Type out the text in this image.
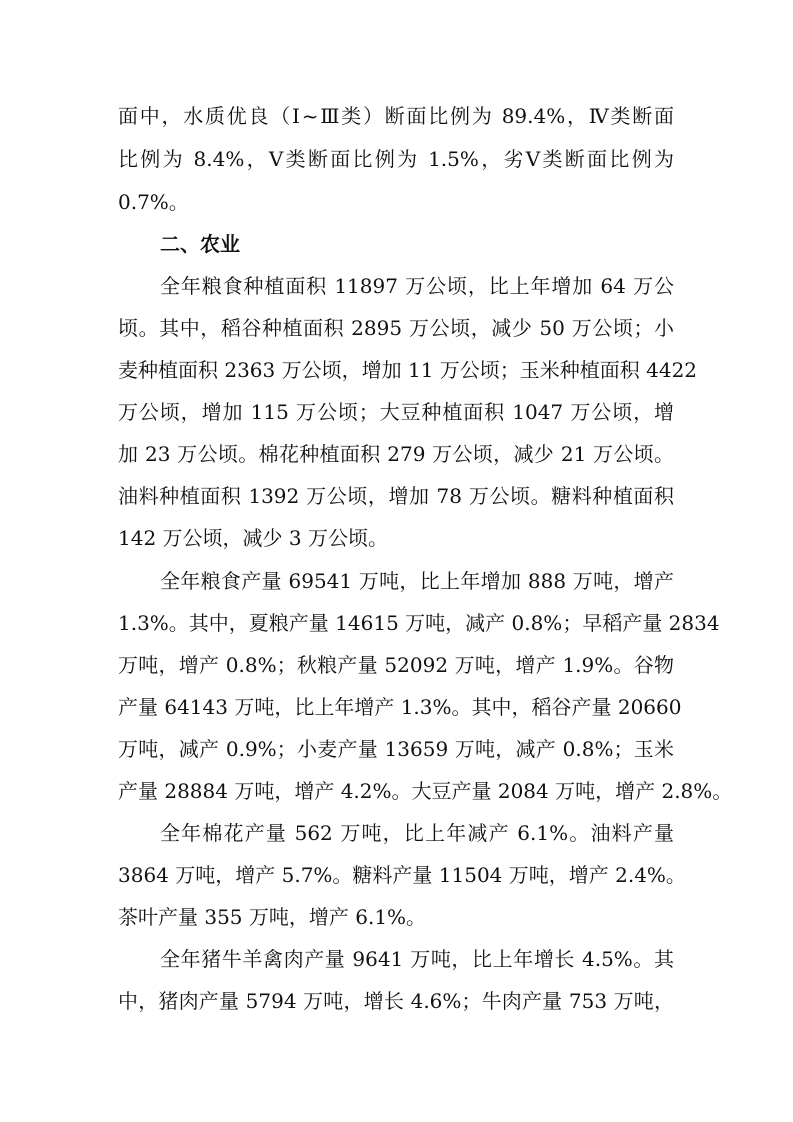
面中，水质优良（Ⅰ~Ⅲ类）断面比例为 89.4%，Ⅳ类断面
比例为 8.4%，Ⅴ类断面比例为 1.5%，劣Ⅴ类断面比例为
0.7%。
二、农业
全年粮食种植面积 11897 万公顷，比上年增加 64 万公
顷。其中，稻谷种植面积 2895 万公顷，减少 50 万公顷；小
麦种植面积 2363 万公顷，增加 11 万公顷；玉米种植面积 4422
万公顷，增加 115 万公顷；大豆种植面积 1047 万公顷，增
加 23 万公顷。棉花种植面积 279 万公顷，减少 21 万公顷。
油料种植面积 1392 万公顷，增加 78 万公顷。糖料种植面积
142 万公顷，减少 3 万公顷。
全年粮食产量 69541 万吨，比上年增加 888 万吨，增产
1.3%。其中，夏粮产量 14615 万吨，减产 0.8%；早稻产量 2834
万吨，增产 0.8%；秋粮产量 52092 万吨，增产 1.9%。谷物
产量 64143 万吨，比上年增产 1.3%。其中，稻谷产量 20660
万吨，减产 0.9%；小麦产量 13659 万吨，减产 0.8%；玉米
产量 28884 万吨，增产 4.2%。大豆产量 2084 万吨，增产 2.8%。
全年棉花产量 562 万吨，比上年减产 6.1%。油料产量
3864 万吨，增产 5.7%。糖料产量 11504 万吨，增产 2.4%。
茶叶产量 355 万吨，增产 6.1%。
全年猪牛羊禽肉产量 9641 万吨，比上年增长 4.5%。其
中，猪肉产量 5794 万吨，增长 4.6%；牛肉产量 753 万吨，
